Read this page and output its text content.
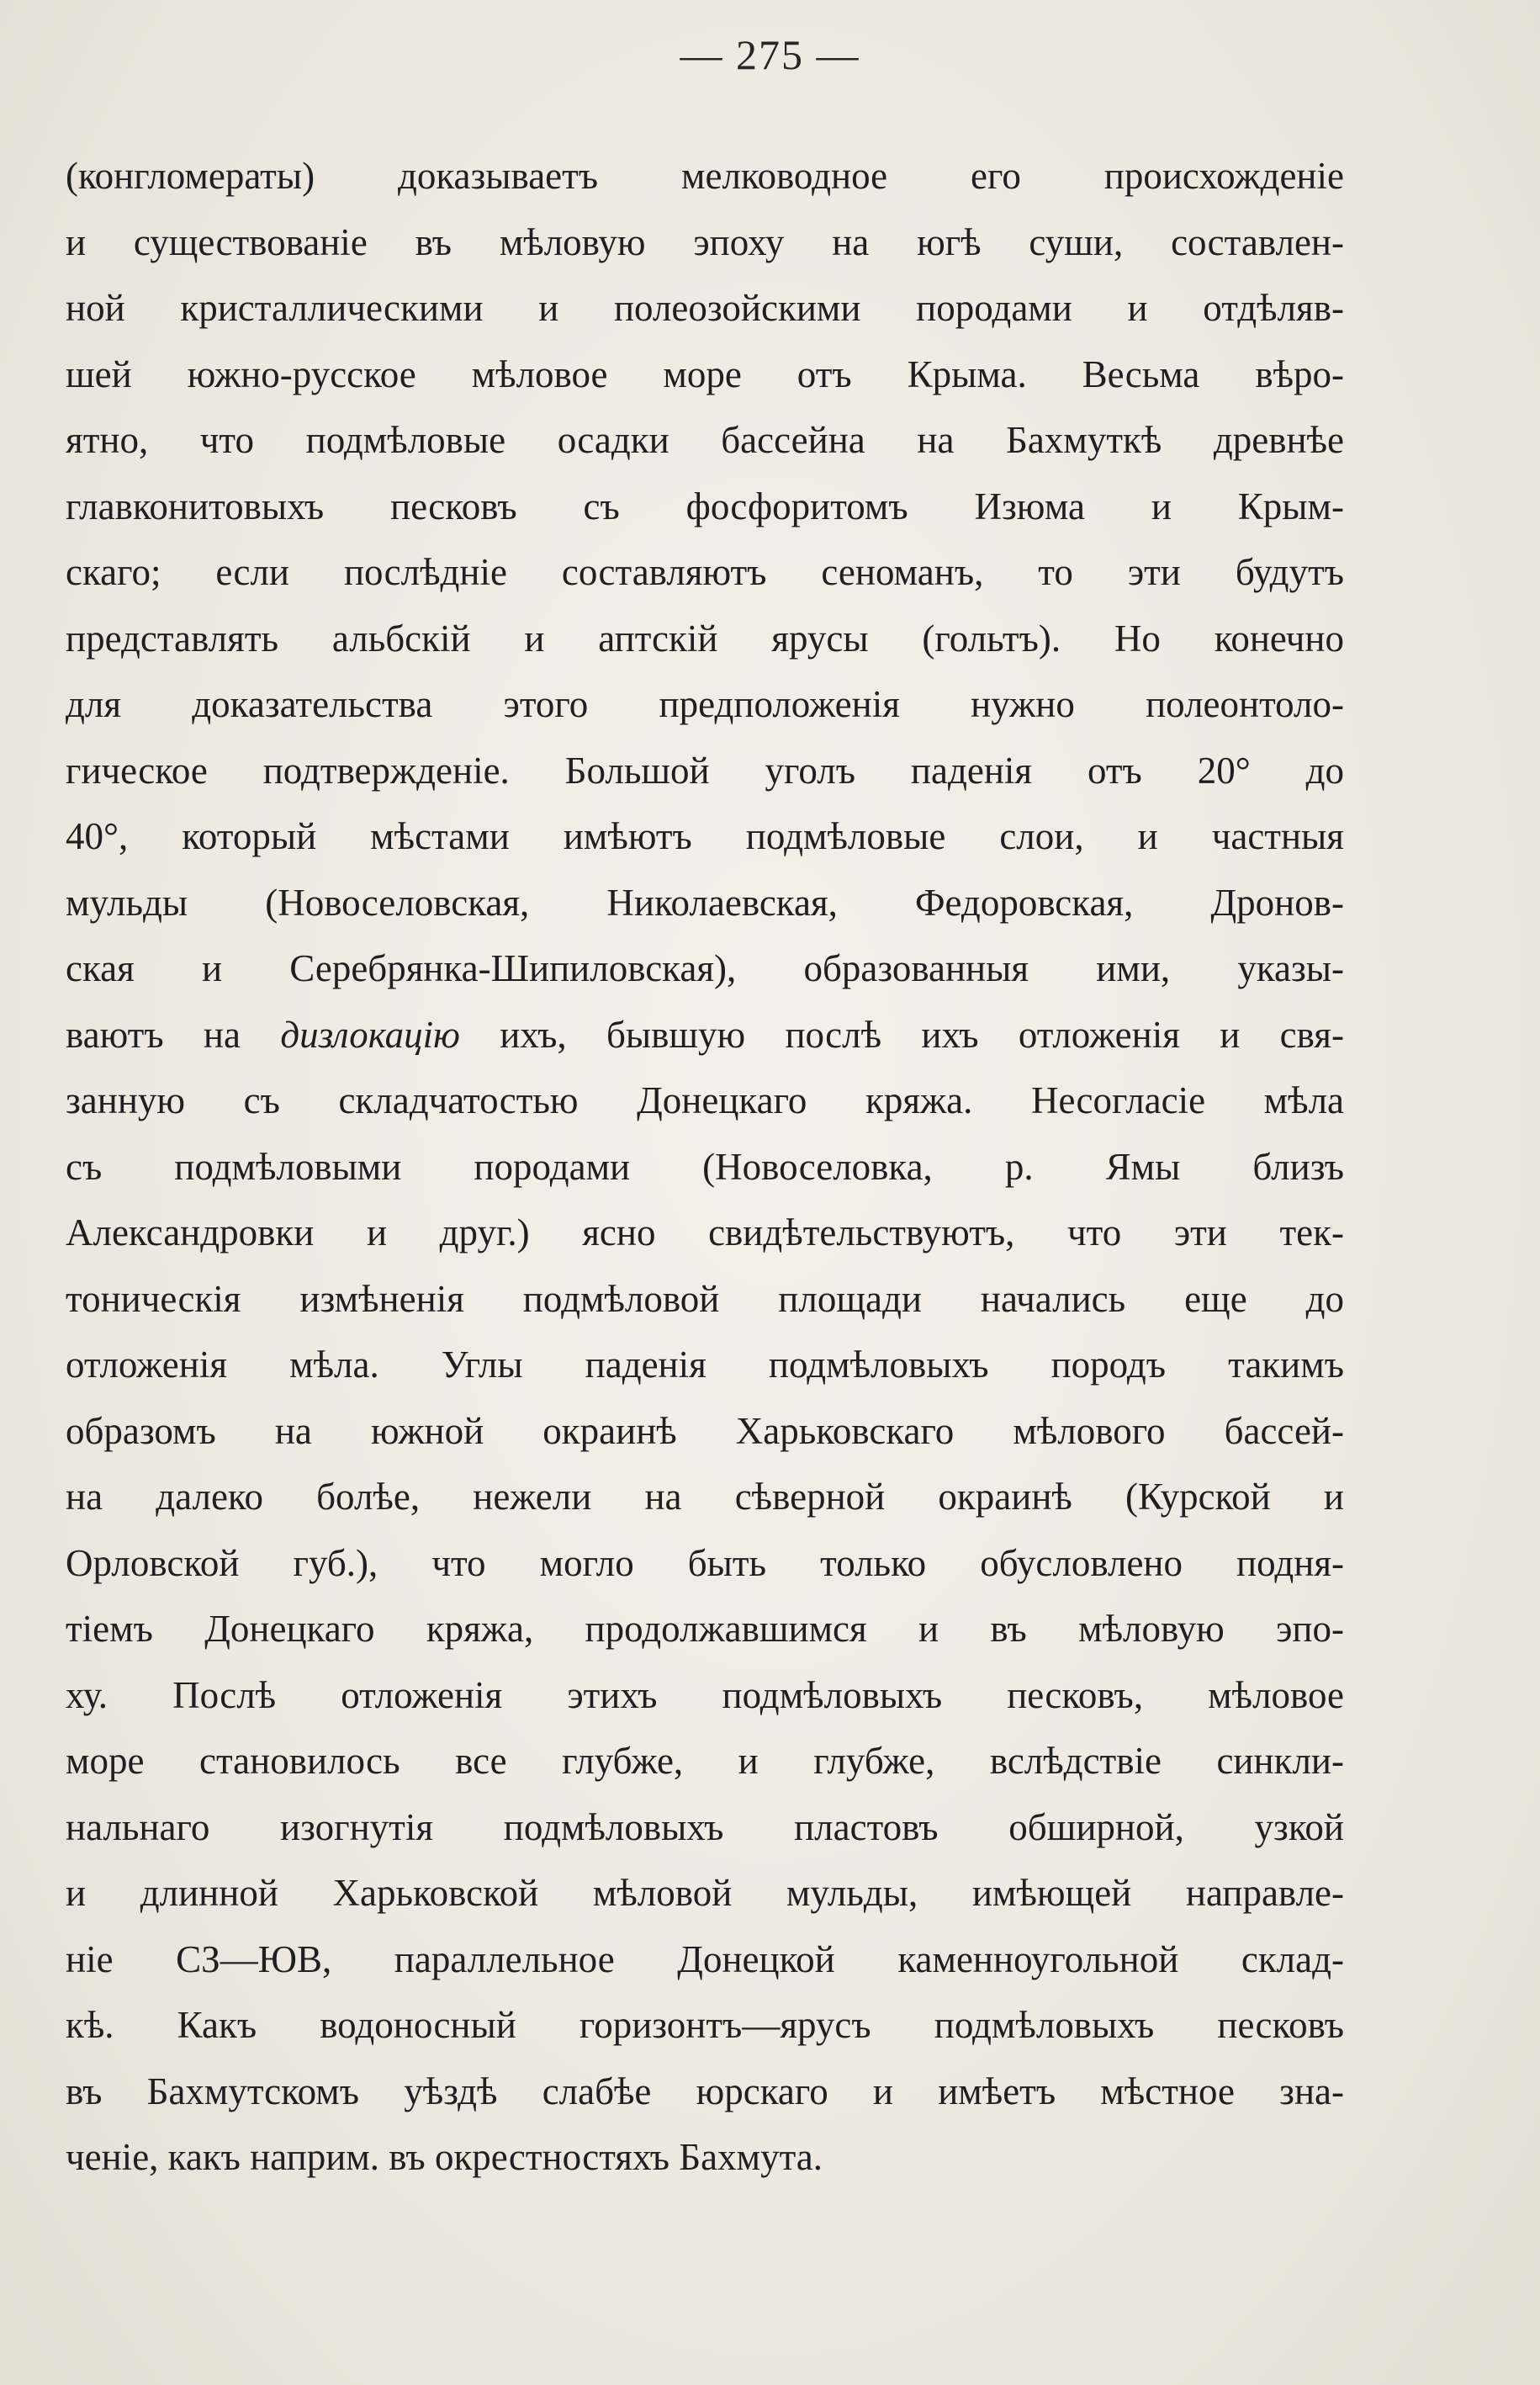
— 275 —
(конгломераты) доказываетъ мелководное его происхожденіе
и существованіе въ мѣловую эпоху на югѣ суши, составлен-
ной кристаллическими и полеозойскими породами и отдѣляв-
шей южно-русское мѣловое море отъ Крыма. Весьма вѣро-
ятно, что подмѣловые осадки бассейна на Бахмуткѣ древнѣе
главконитовыхъ песковъ съ фосфоритомъ Изюма и Крым-
скаго; если послѣдніе составляютъ сеноманъ, то эти будутъ
представлять альбскій и аптскій ярусы (гольтъ). Но конечно
для доказательства этого предположенія нужно полеонтоло-
гическое подтвержденіе. Большой уголъ паденія отъ 20° до
40°, который мѣстами имѣютъ подмѣловые слои, и частныя
мульды (Новоселовская, Николаевская, Федоровская, Дронов-
ская и Серебрянка-Шипиловская), образованныя ими, указы-
ваютъ на дизлокацію ихъ, бывшую послѣ ихъ отложенія и свя-
занную съ складчатостью Донецкаго кряжа. Несогласіе мѣла
съ подмѣловыми породами (Новоселовка, р. Ямы близъ
Александровки и друг.) ясно свидѣтельствуютъ, что эти тек-
тоническія измѣненія подмѣловой площади начались еще до
отложенія мѣла. Углы паденія подмѣловыхъ породъ такимъ
образомъ на южной окраинѣ Харьковскаго мѣлового бассей-
на далеко болѣе, нежели на сѣверной окраинѣ (Курской и
Орловской губ.), что могло быть только обусловлено подня-
тіемъ Донецкаго кряжа, продолжавшимся и въ мѣловую эпо-
ху. Послѣ отложенія этихъ подмѣловыхъ песковъ, мѣловое
море становилось все глубже, и глубже, вслѣдствіе синкли-
нальнаго изогнутія подмѣловыхъ пластовъ обширной, узкой
и длинной Харьковской мѣловой мульды, имѣющей направле-
ніе СЗ—ЮВ, параллельное Донецкой каменноугольной склад-
кѣ. Какъ водоносный горизонтъ—ярусъ подмѣловыхъ песковъ
въ Бахмутскомъ уѣздѣ слабѣе юрскаго и имѣетъ мѣстное зна-
ченіе, какъ наприм. въ окрестностяхъ Бахмута.
